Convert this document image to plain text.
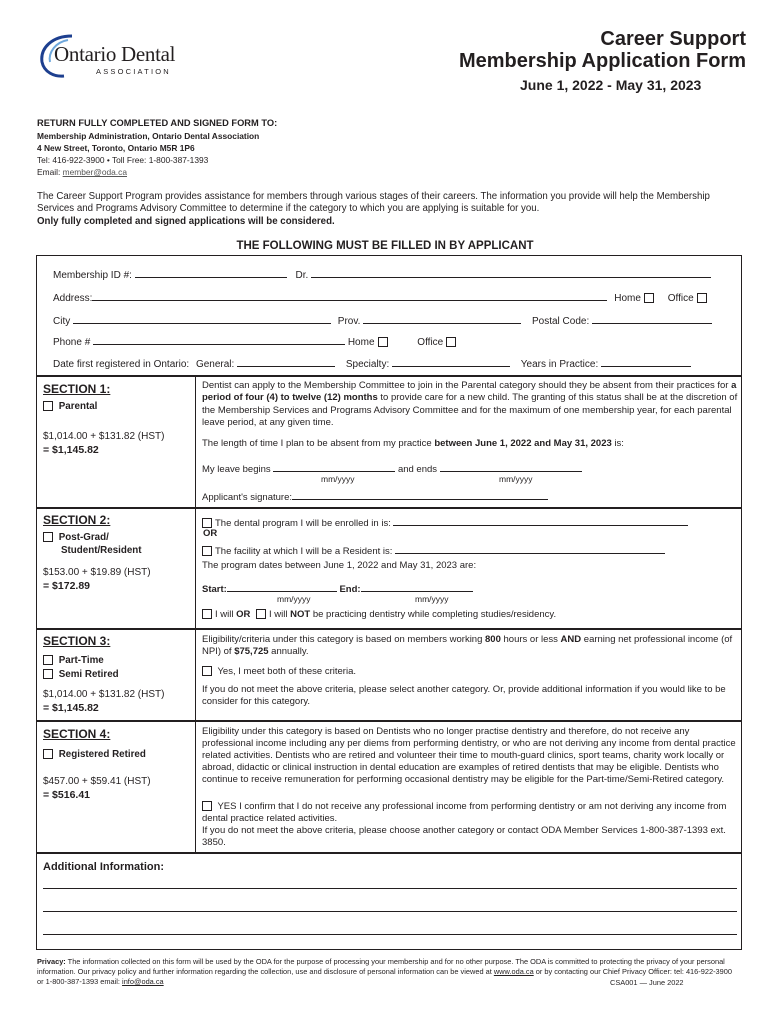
Ontario Dental
ASSOCIATION
Career Support
Membership Application Form
June 1, 2022 - May 31, 2023
RETURN FULLY COMPLETED AND SIGNED FORM TO:
Membership Administration, Ontario Dental Association
4 New Street, Toronto, Ontario M5R 1P6
Tel: 416-922-3900 • Toll Free: 1-800-387-1393
Email: member@oda.ca
The Career Support Program provides assistance for members through various stages of their careers. The information you provide will help the Membership Services and Programs Advisory Committee to determine if the category to which you are applying is suitable for you.
Only fully completed and signed applications will be considered.
THE FOLLOWING MUST BE FILLED IN BY APPLICANT
Membership ID #:	Dr.
Address:	Home	Office
City	Prov.	Postal Code:
Phone #	Home	Office
Date first registered in Ontario: General:	Specialty:	Years in Practice:
SECTION 1:
Parental
$1,014.00 + $131.82 (HST)
= $1,145.82
Dentist can apply to the Membership Committee to join in the Parental category should they be absent from their practices for a period of four (4) to twelve (12) months to provide care for a new child. The granting of this status shall be at the discretion of the Membership Services and Programs Advisory Committee and for the maximum of one membership year, for each parental leave period, at any given time.
The length of time I plan to be absent from my practice between June 1, 2022 and May 31, 2023 is:
My leave begins	and ends
mm/yyyy	mm/yyyy
Applicant's signature:
SECTION 2:
Post-Grad/
Student/Resident
$153.00 + $19.89 (HST)
= $172.89
The dental program I will be enrolled in is:
OR
The facility at which I will be a Resident is:
The program dates between June 1, 2022 and May 31, 2023 are:
Start:	End:
mm/yyyy	mm/yyyy
I will OR I will NOT be practicing dentistry while completing studies/residency.
SECTION 3:
Part-Time
Semi Retired
$1,014.00 + $131.82 (HST)
= $1,145.82
Eligibility/criteria under this category is based on members working 800 hours or less AND earning net professional income (of NPI) of $75,725 annually.
Yes, I meet both of these criteria.
If you do not meet the above criteria, please select another category. Or, provide additional information if you would like to be consider for this category.
SECTION 4:
Registered Retired
$457.00 + $59.41 (HST)
= $516.41
Eligibility under this category is based on Dentists who no longer practise dentistry and therefore, do not receive any professional income including any per diems from performing dentistry, or who are not deriving any income from dental practice related activities. Dentists who are retired and volunteer their time to mouth-guard clinics, sport teams, charity work locally or abroad, didactic or clinical instruction in dental education are examples of retired dentists that may be eligible. Dentists who continue to receive remuneration for performing occasional dentistry may be eligible for the Part-time/Semi-Retired category.
YES I confirm that I do not receive any professional income from performing dentistry or am not deriving any income from dental practice related activities.
If you do not meet the above criteria, please choose another category or contact ODA Member Services 1-800-387-1393 ext. 3850.
Additional Information:
Privacy: The information collected on this form will be used by the ODA for the purpose of processing your membership and for no other purpose. The ODA is committed to protecting the privacy of your personal information. Our privacy policy and further information regarding the collection, use and disclosure of personal information can be viewed at www.oda.ca or by contacting our Chief Privacy Officer: tel: 416-922-3900 or 1-800-387-1393 email: info@oda.ca	CSA001 — June 2022
